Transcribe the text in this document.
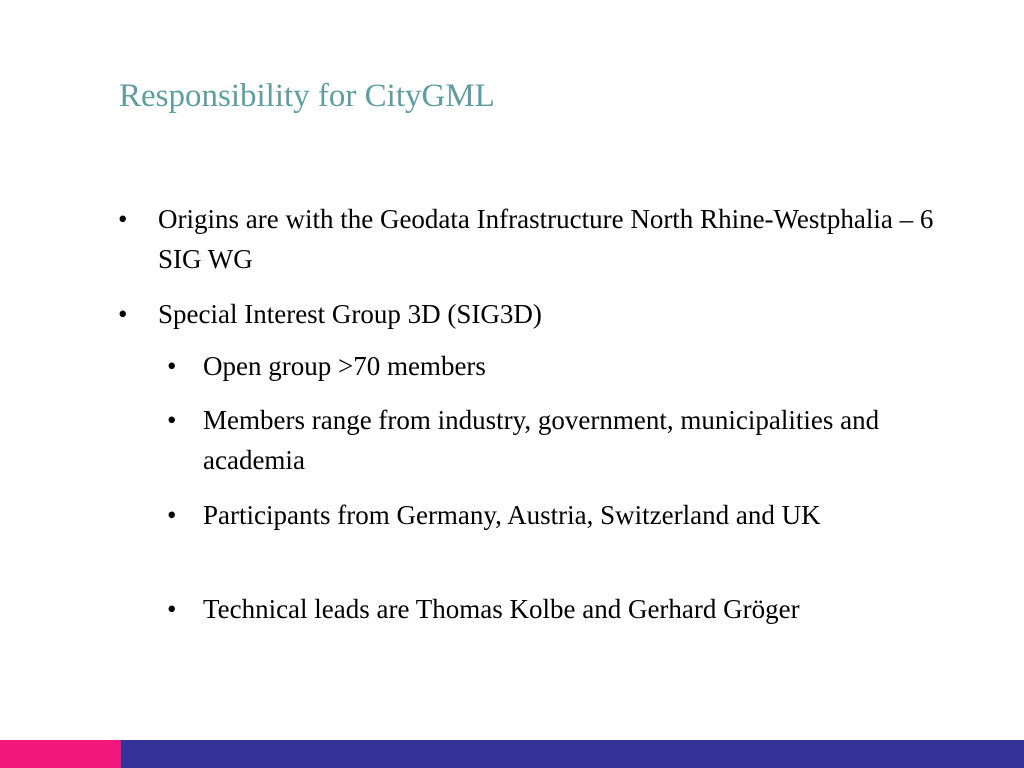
Responsibility for CityGML
•	Origins are with the Geodata Infrastructure North Rhine-Westphalia – 6 SIG WG
•	Special Interest Group 3D (SIG3D)
• Open group >70 members
• Members range from industry, government, municipalities and academia
• Participants from Germany, Austria, Switzerland and UK
• Technical leads are Thomas Kolbe and Gerhard Gröger
